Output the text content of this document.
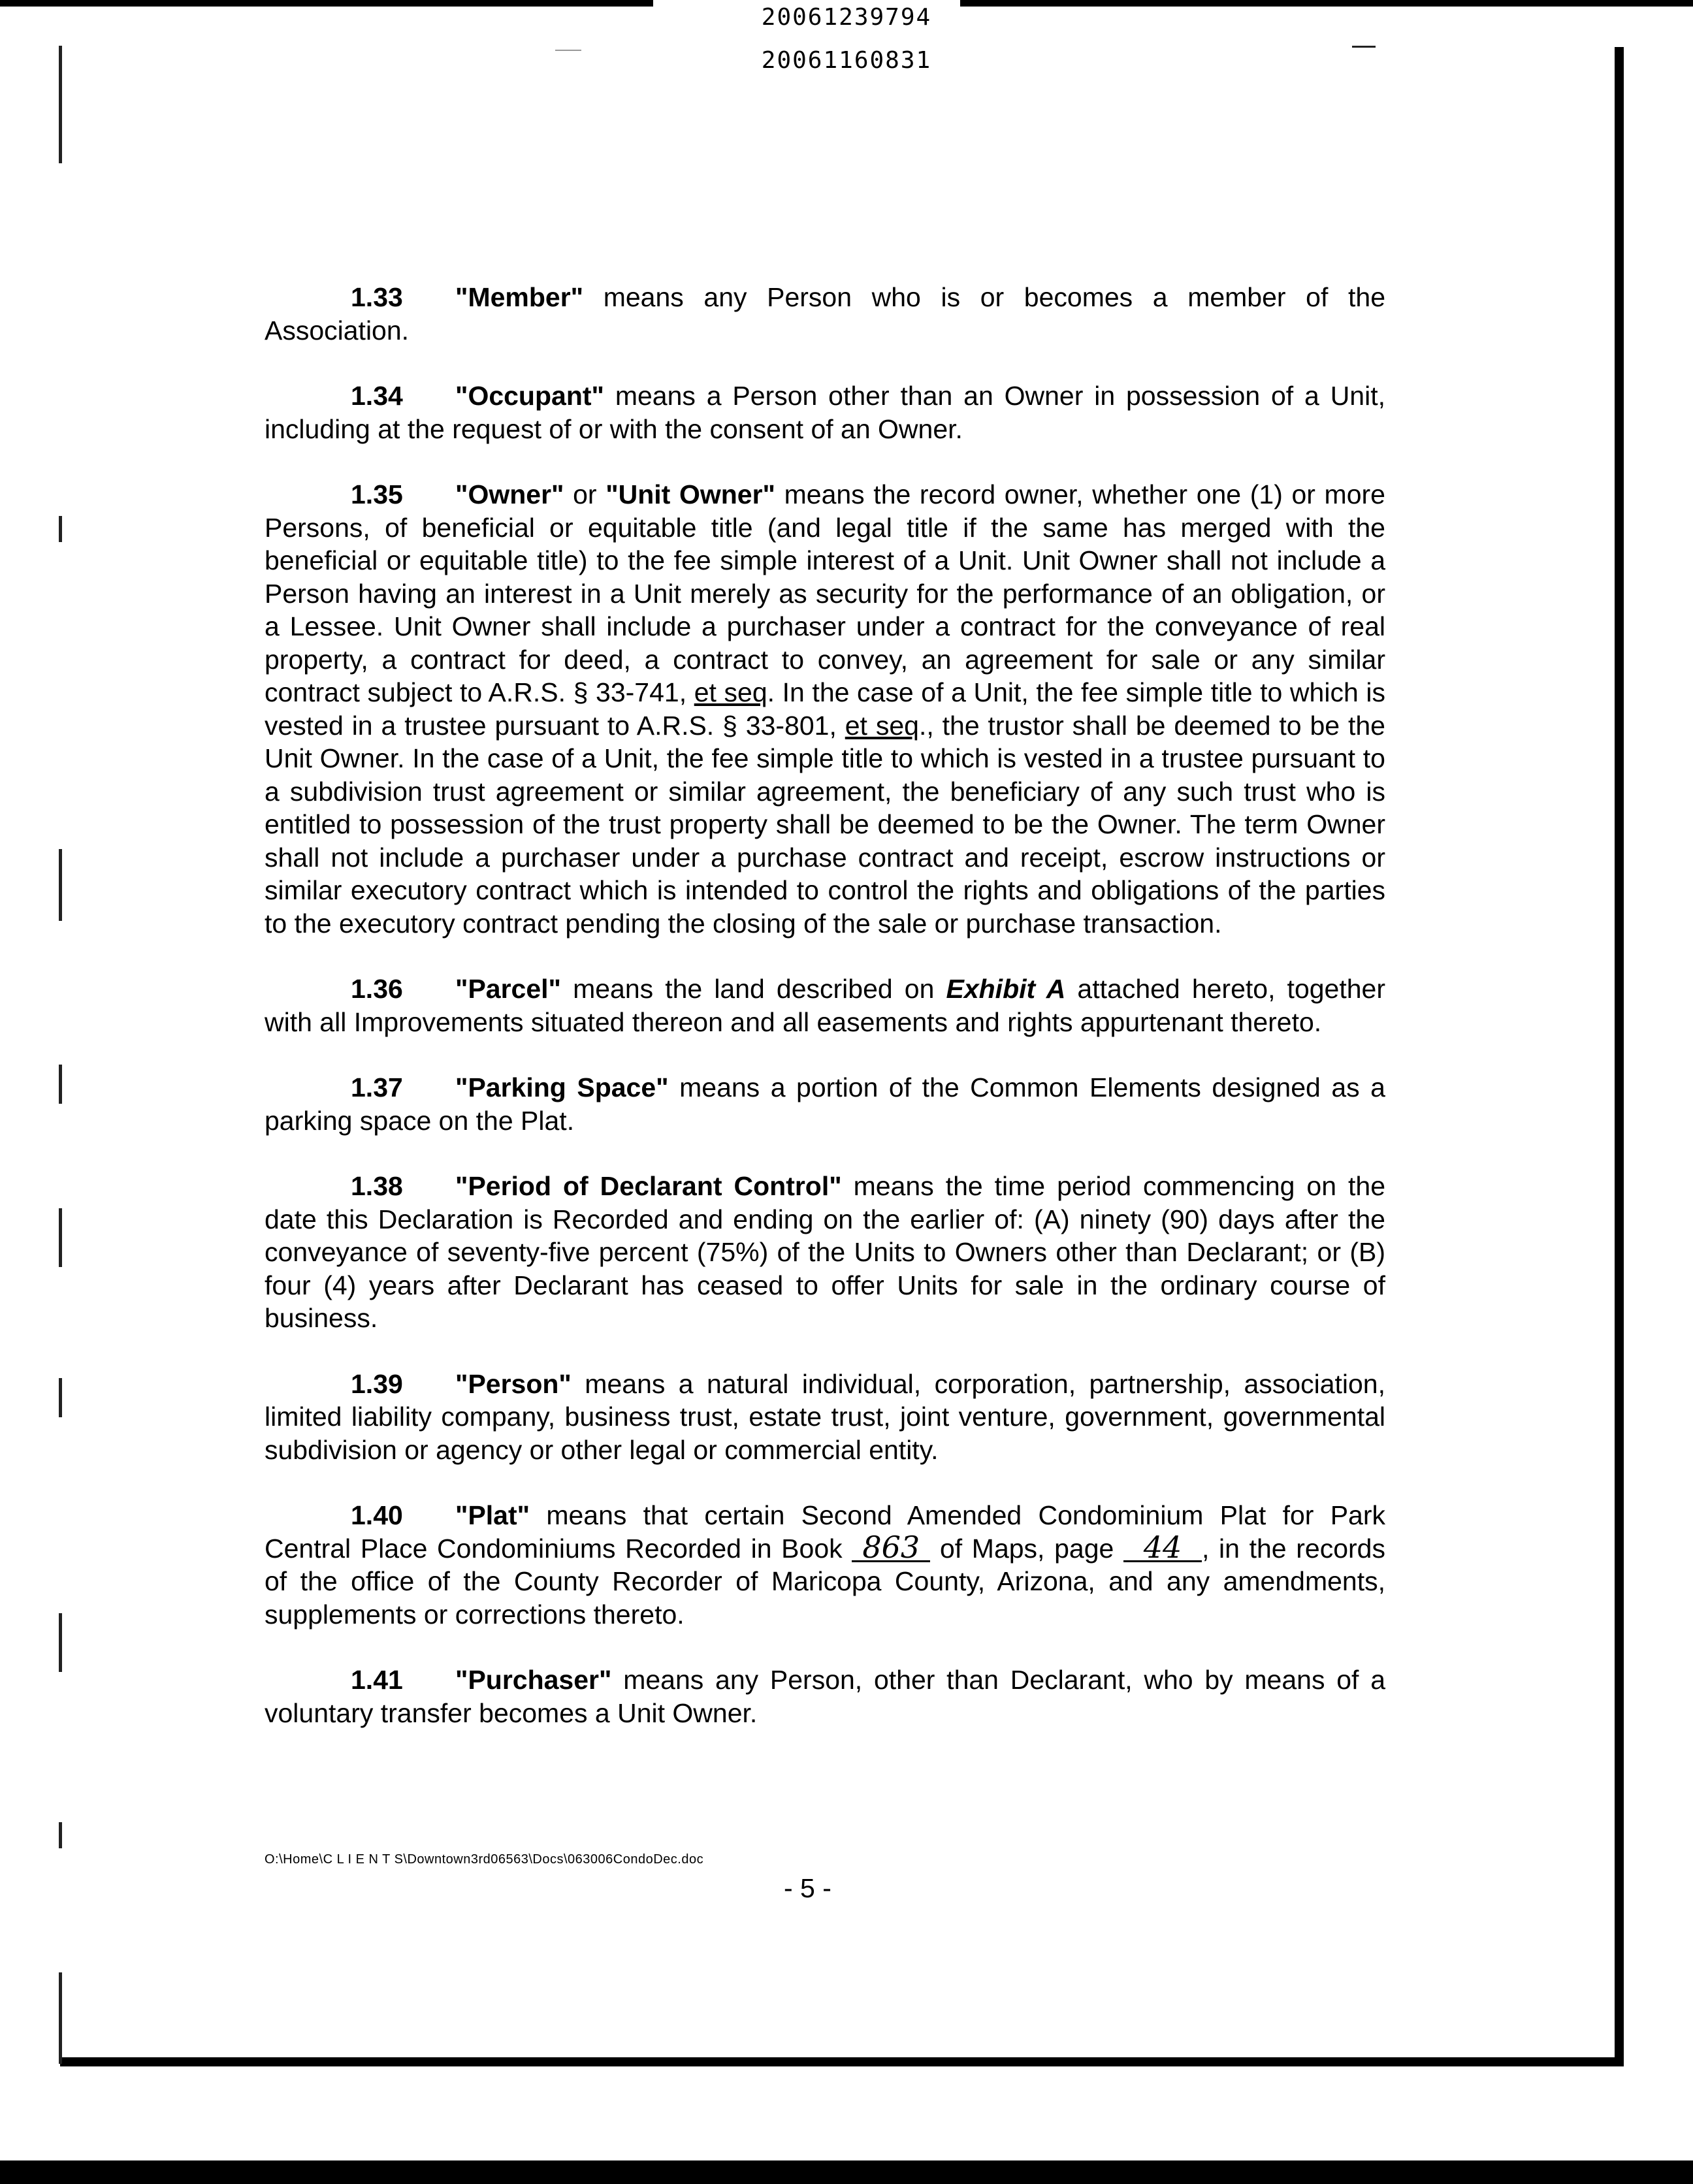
20061239794
20061160831

1.33 "Member" means any Person who is or becomes a member of the Association.

1.34 "Occupant" means a Person other than an Owner in possession of a Unit, including at the request of or with the consent of an Owner.

1.35 "Owner" or "Unit Owner" means the record owner, whether one (1) or more Persons, of beneficial or equitable title (and legal title if the same has merged with the beneficial or equitable title) to the fee simple interest of a Unit. Unit Owner shall not include a Person having an interest in a Unit merely as security for the performance of an obligation, or a Lessee. Unit Owner shall include a purchaser under a contract for the conveyance of real property, a contract for deed, a contract to convey, an agreement for sale or any similar contract subject to A.R.S. § 33-741, et seq. In the case of a Unit, the fee simple title to which is vested in a trustee pursuant to A.R.S. § 33-801, et seq., the trustor shall be deemed to be the Unit Owner. In the case of a Unit, the fee simple title to which is vested in a trustee pursuant to a subdivision trust agreement or similar agreement, the beneficiary of any such trust who is entitled to possession of the trust property shall be deemed to be the Owner. The term Owner shall not include a purchaser under a purchase contract and receipt, escrow instructions or similar executory contract which is intended to control the rights and obligations of the parties to the executory contract pending the closing of the sale or purchase transaction.

1.36 "Parcel" means the land described on Exhibit A attached hereto, together with all Improvements situated thereon and all easements and rights appurtenant thereto.

1.37 "Parking Space" means a portion of the Common Elements designed as a parking space on the Plat.

1.38 "Period of Declarant Control" means the time period commencing on the date this Declaration is Recorded and ending on the earlier of: (A) ninety (90) days after the conveyance of seventy-five percent (75%) of the Units to Owners other than Declarant; or (B) four (4) years after Declarant has ceased to offer Units for sale in the ordinary course of business.

1.39 "Person" means a natural individual, corporation, partnership, association, limited liability company, business trust, estate trust, joint venture, government, governmental subdivision or agency or other legal or commercial entity.

1.40 "Plat" means that certain Second Amended Condominium Plat for Park Central Place Condominiums Recorded in Book 863 of Maps, page 44 , in the records of the office of the County Recorder of Maricopa County, Arizona, and any amendments, supplements or corrections thereto.

1.41 "Purchaser" means any Person, other than Declarant, who by means of a voluntary transfer becomes a Unit Owner.

O:\Home\C L I E N T S\Downtown3rd06563\Docs\063006CondoDec.doc
- 5 -
